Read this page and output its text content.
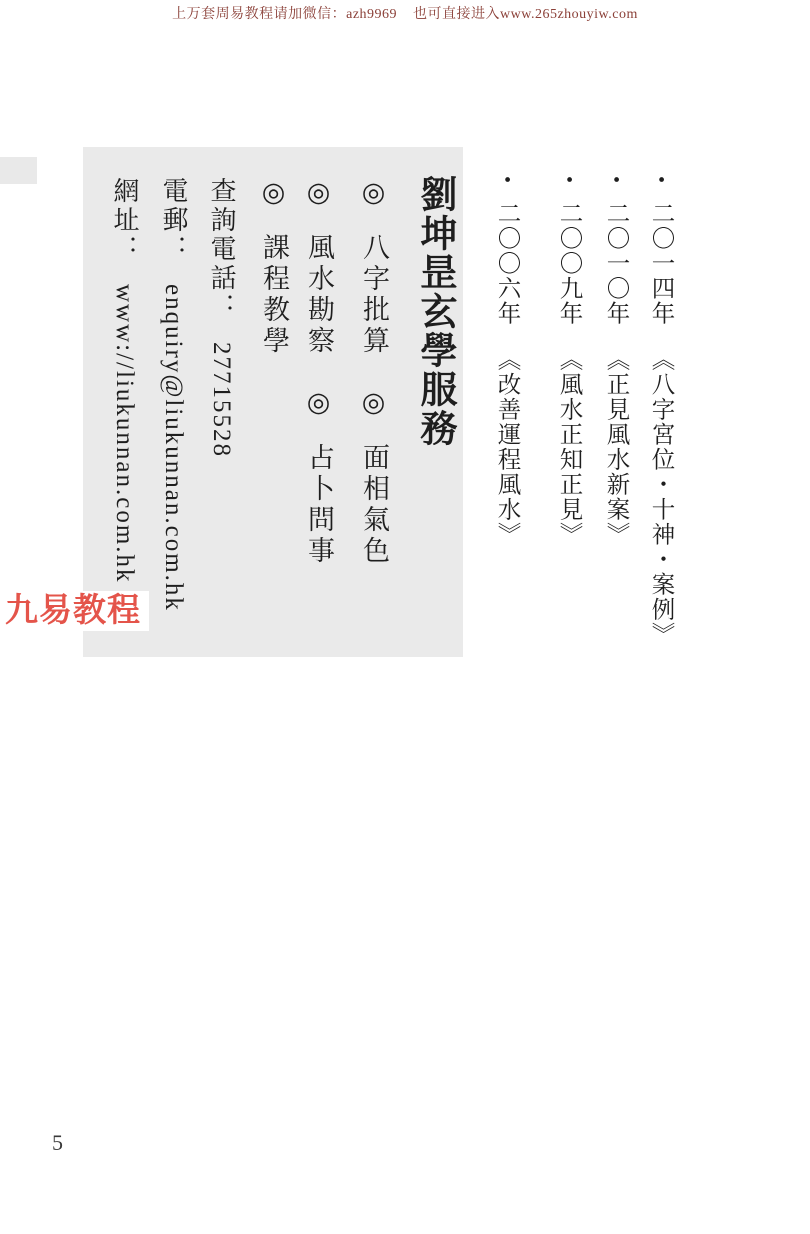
上万套周易教程请加微信：azh9969    也可直接进入www.265zhouyiw.com
• 二〇一四年 《八字宮位・十神・案例》
• 二〇一〇年 《正見風水新案》
• 二〇〇九年 《風水正知正見》
• 二〇〇六年 《改善運程風水》
劉坤昰玄學服務
◎ 八字批算
◎ 面相氣色
◎ 風水勘察
◎ 占卜問事
◎ 課程教學
查詢電話： 27715528
電郵： enquiry@liukunnan.com.hk
網址： www://liukunnan.com.hk
九易教程
5
